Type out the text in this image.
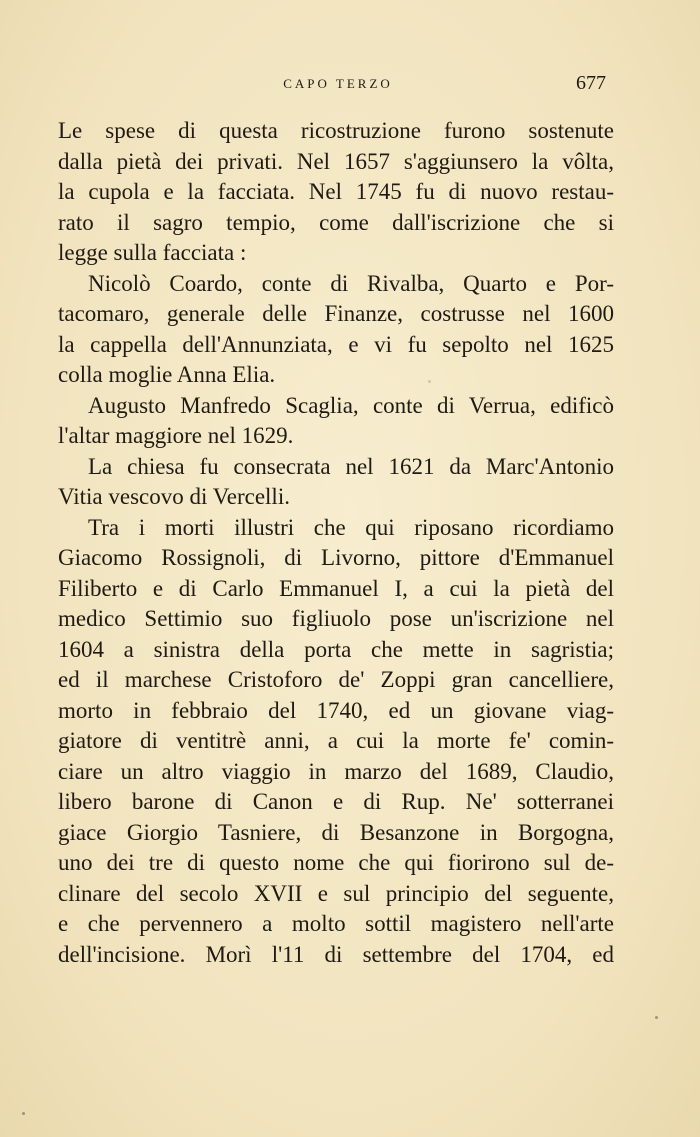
CAPO TERZO	677
Le spese di questa ricostruzione furono sostenute
dalla pietà dei privati. Nel 1657 s'aggiunsero la vôlta,
la cupola e la facciata. Nel 1745 fu di nuovo restau-
rato il sagro tempio, come dall'iscrizione che si
legge sulla facciata :
Nicolò Coardo, conte di Rivalba, Quarto e Por-
tacomaro, generale delle Finanze, costrusse nel 1600
la cappella dell'Annunziata, e vi fu sepolto nel 1625
colla moglie Anna Elia.
Augusto Manfredo Scaglia, conte di Verrua, edificò
l'altar maggiore nel 1629.
La chiesa fu consecrata nel 1621 da Marc'Antonio
Vitia vescovo di Vercelli.
Tra i morti illustri che qui riposano ricordiamo
Giacomo Rossignoli, di Livorno, pittore d'Emmanuel
Filiberto e di Carlo Emmanuel I, a cui la pietà del
medico Settimio suo figliuolo pose un'iscrizione nel
1604 a sinistra della porta che mette in sagristia;
ed il marchese Cristoforo de' Zoppi gran cancelliere,
morto in febbraio del 1740, ed un giovane viag-
giatore di ventitrè anni, a cui la morte fe' comin-
ciare un altro viaggio in marzo del 1689, Claudio,
libero barone di Canon e di Rup. Ne' sotterranei
giace Giorgio Tasniere, di Besanzone in Borgogna,
uno dei tre di questo nome che qui fiorirono sul de-
clinare del secolo XVII e sul principio del seguente,
e che pervennero a molto sottil magistero nell'arte
dell'incisione. Morì l'11 di settembre del 1704, ed
